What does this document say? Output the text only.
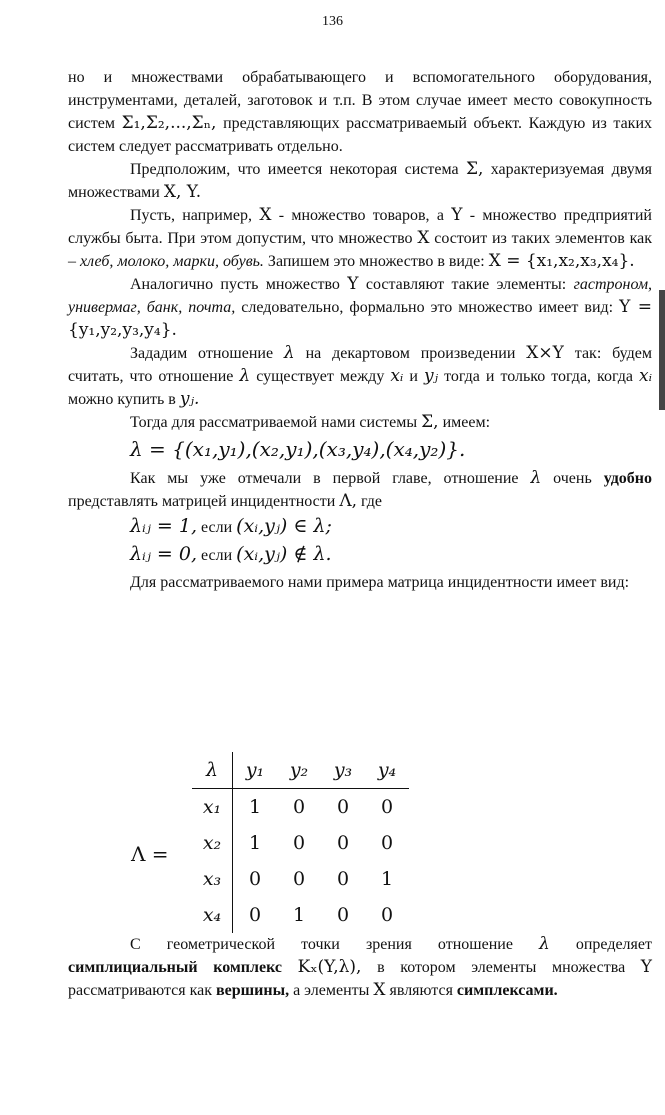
136

но и множествами обрабатывающего и вспомогательного оборудования, инструментами, деталей, заготовок и т.п. В этом случае имеет место совокупность систем Σ₁,Σ₂,...,Σₙ, представляющих рассматриваемый объект. Каждую из таких систем следует рассматривать отдельно.

Предположим, что имеется некоторая система Σ, характеризуемая двумя множествами X, Y.

Пусть, например, X - множество товаров, а Y - множество предприятий службы быта. При этом допустим, что множество X состоит из таких элементов как – хлеб, молоко, марки, обувь. Запишем это множество в виде: X = {x₁,x₂,x₃,x₄}.

Аналогично пусть множество Y составляют такие элементы: гастроном, универмаг, банк, почта, следовательно, формально это множество имеет вид: Y = {y₁,y₂,y₃,y₄}.

Зададим отношение λ на декартовом произведении X×Y так: будем считать, что отношение λ существует между xᵢ и yⱼ тогда и только тогда, когда xᵢ можно купить в yⱼ.

Тогда для рассматриваемой нами системы Σ, имеем:

λ = {(x₁,y₁),(x₂,y₁),(x₃,y₄),(x₄,y₂)}.

Как мы уже отмечали в первой главе, отношение λ очень удобно представлять матрицей инцидентности Λ, где

λᵢⱼ = 1, если (xᵢ,yⱼ) ∈ λ;
λᵢⱼ = 0, если (xᵢ,yⱼ) ∉ λ.

Для рассматриваемого нами примера матрица инцидентности имеет вид:

Λ =
λ	y₁	y₂	y₃	y₄
x₁	1	0	0	0
x₂	1	0	0	0
x₃	0	0	0	1
x₄	0	1	0	0

С геометрической точки зрения отношение λ определяет симплициальный комплекс Kₓ(Y,λ), в котором элементы множества Y рассматриваются как вершины, а элементы X являются симплексами.
